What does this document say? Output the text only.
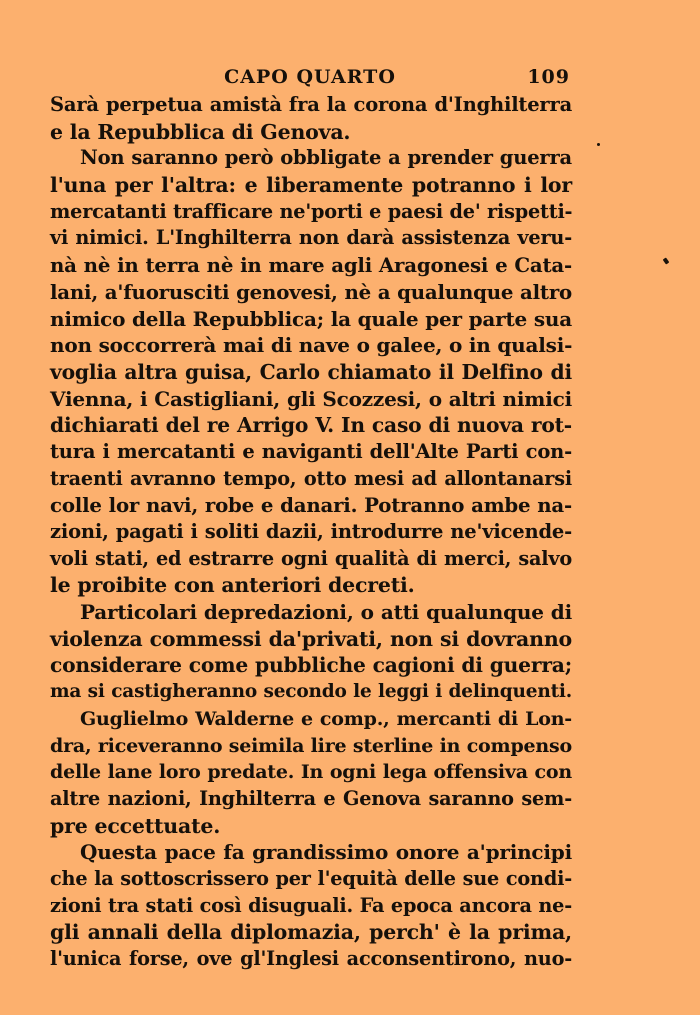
CAPO QUARTO	109
Sarà perpetua amistà fra la corona d'Inghilterra
e la Repubblica di Genova.
Non saranno però obbligate a prender guerra
l'una per l'altra: e liberamente potranno i lor
mercatanti trafficare ne'porti e paesi de' rispetti-
vi nimici. L'Inghilterra non darà assistenza veru-
nà nè in terra nè in mare agli Aragonesi e Cata-
lani, a'fuorusciti genovesi, nè a qualunque altro
nimico della Repubblica; la quale per parte sua
non soccorrerà mai di nave o galee, o in qualsi-
voglia altra guisa, Carlo chiamato il Delfino di
Vienna, i Castigliani, gli Scozzesi, o altri nimici
dichiarati del re Arrigo V. In caso di nuova rot-
tura i mercatanti e naviganti dell'Alte Parti con-
traenti avranno tempo, otto mesi ad allontanarsi
colle lor navi, robe e danari. Potranno ambe na-
zioni, pagati i soliti dazii, introdurre ne'vicende-
voli stati, ed estrarre ogni qualità di merci, salvo
le proibite con anteriori decreti.
Particolari depredazioni, o atti qualunque di
violenza commessi da'privati, non si dovranno
considerare come pubbliche cagioni di guerra;
ma si castigheranno secondo le leggi i delinquenti.
Guglielmo Walderne e comp., mercanti di Lon-
dra, riceveranno seimila lire sterline in compenso
delle lane loro predate. In ogni lega offensiva con
altre nazioni, Inghilterra e Genova saranno sem-
pre eccettuate.
Questa pace fa grandissimo onore a'principi
che la sottoscrissero per l'equità delle sue condi-
zioni tra stati così disuguali. Fa epoca ancora ne-
gli annali della diplomazia, perch' è la prima,
l'unica forse, ove gl'Inglesi acconsentirono, nuo-
